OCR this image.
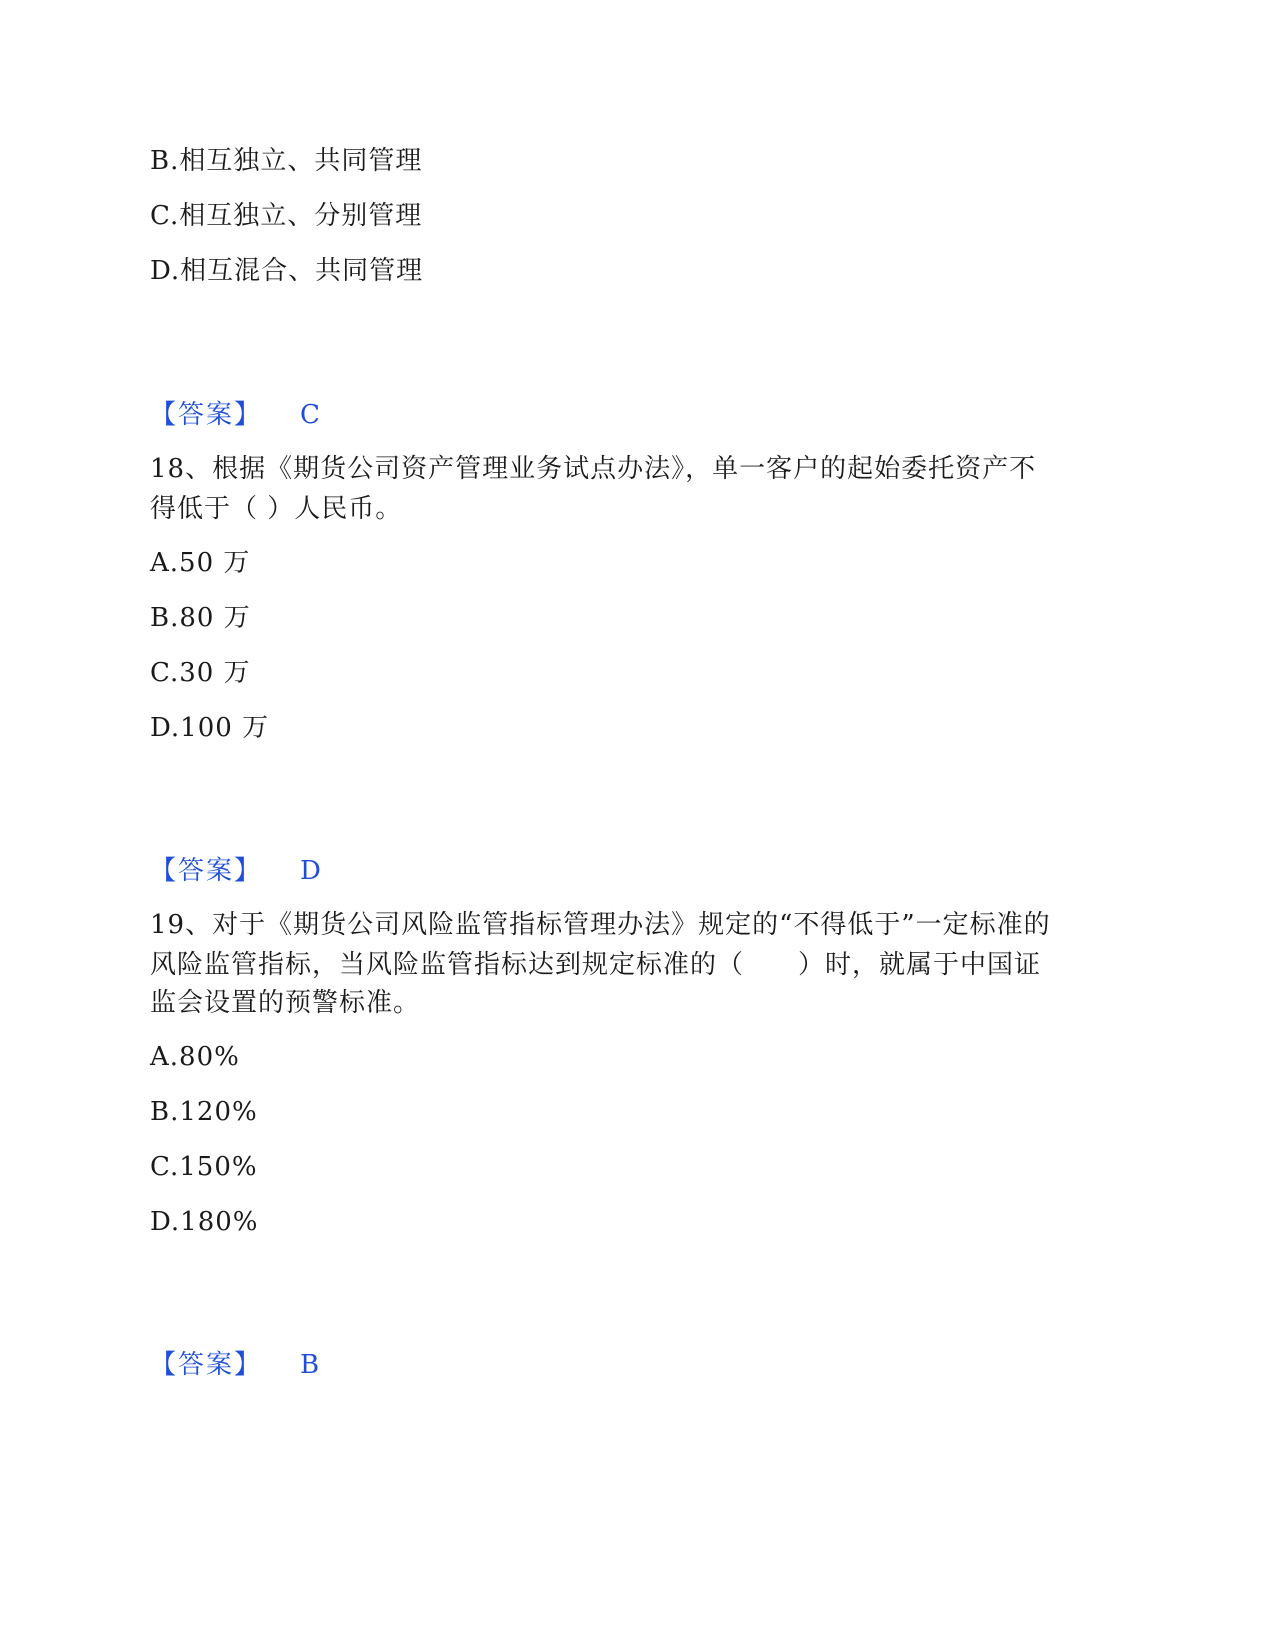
B.相互独立、共同管理
C.相互独立、分别管理
D.相互混合、共同管理
【答案】 C
18、根据《期货公司资产管理业务试点办法》，单一客户的起始委托资产不
得低于（ ）人民币。
A.50 万
B.80 万
C.30 万
D.100 万
【答案】 D
19、对于《期货公司风险监管指标管理办法》规定的“不得低于”一定标准的
风险监管指标，当风险监管指标达到规定标准的（　　）时，就属于中国证
监会设置的预警标准。
A.80%
B.120%
C.150%
D.180%
【答案】 B
